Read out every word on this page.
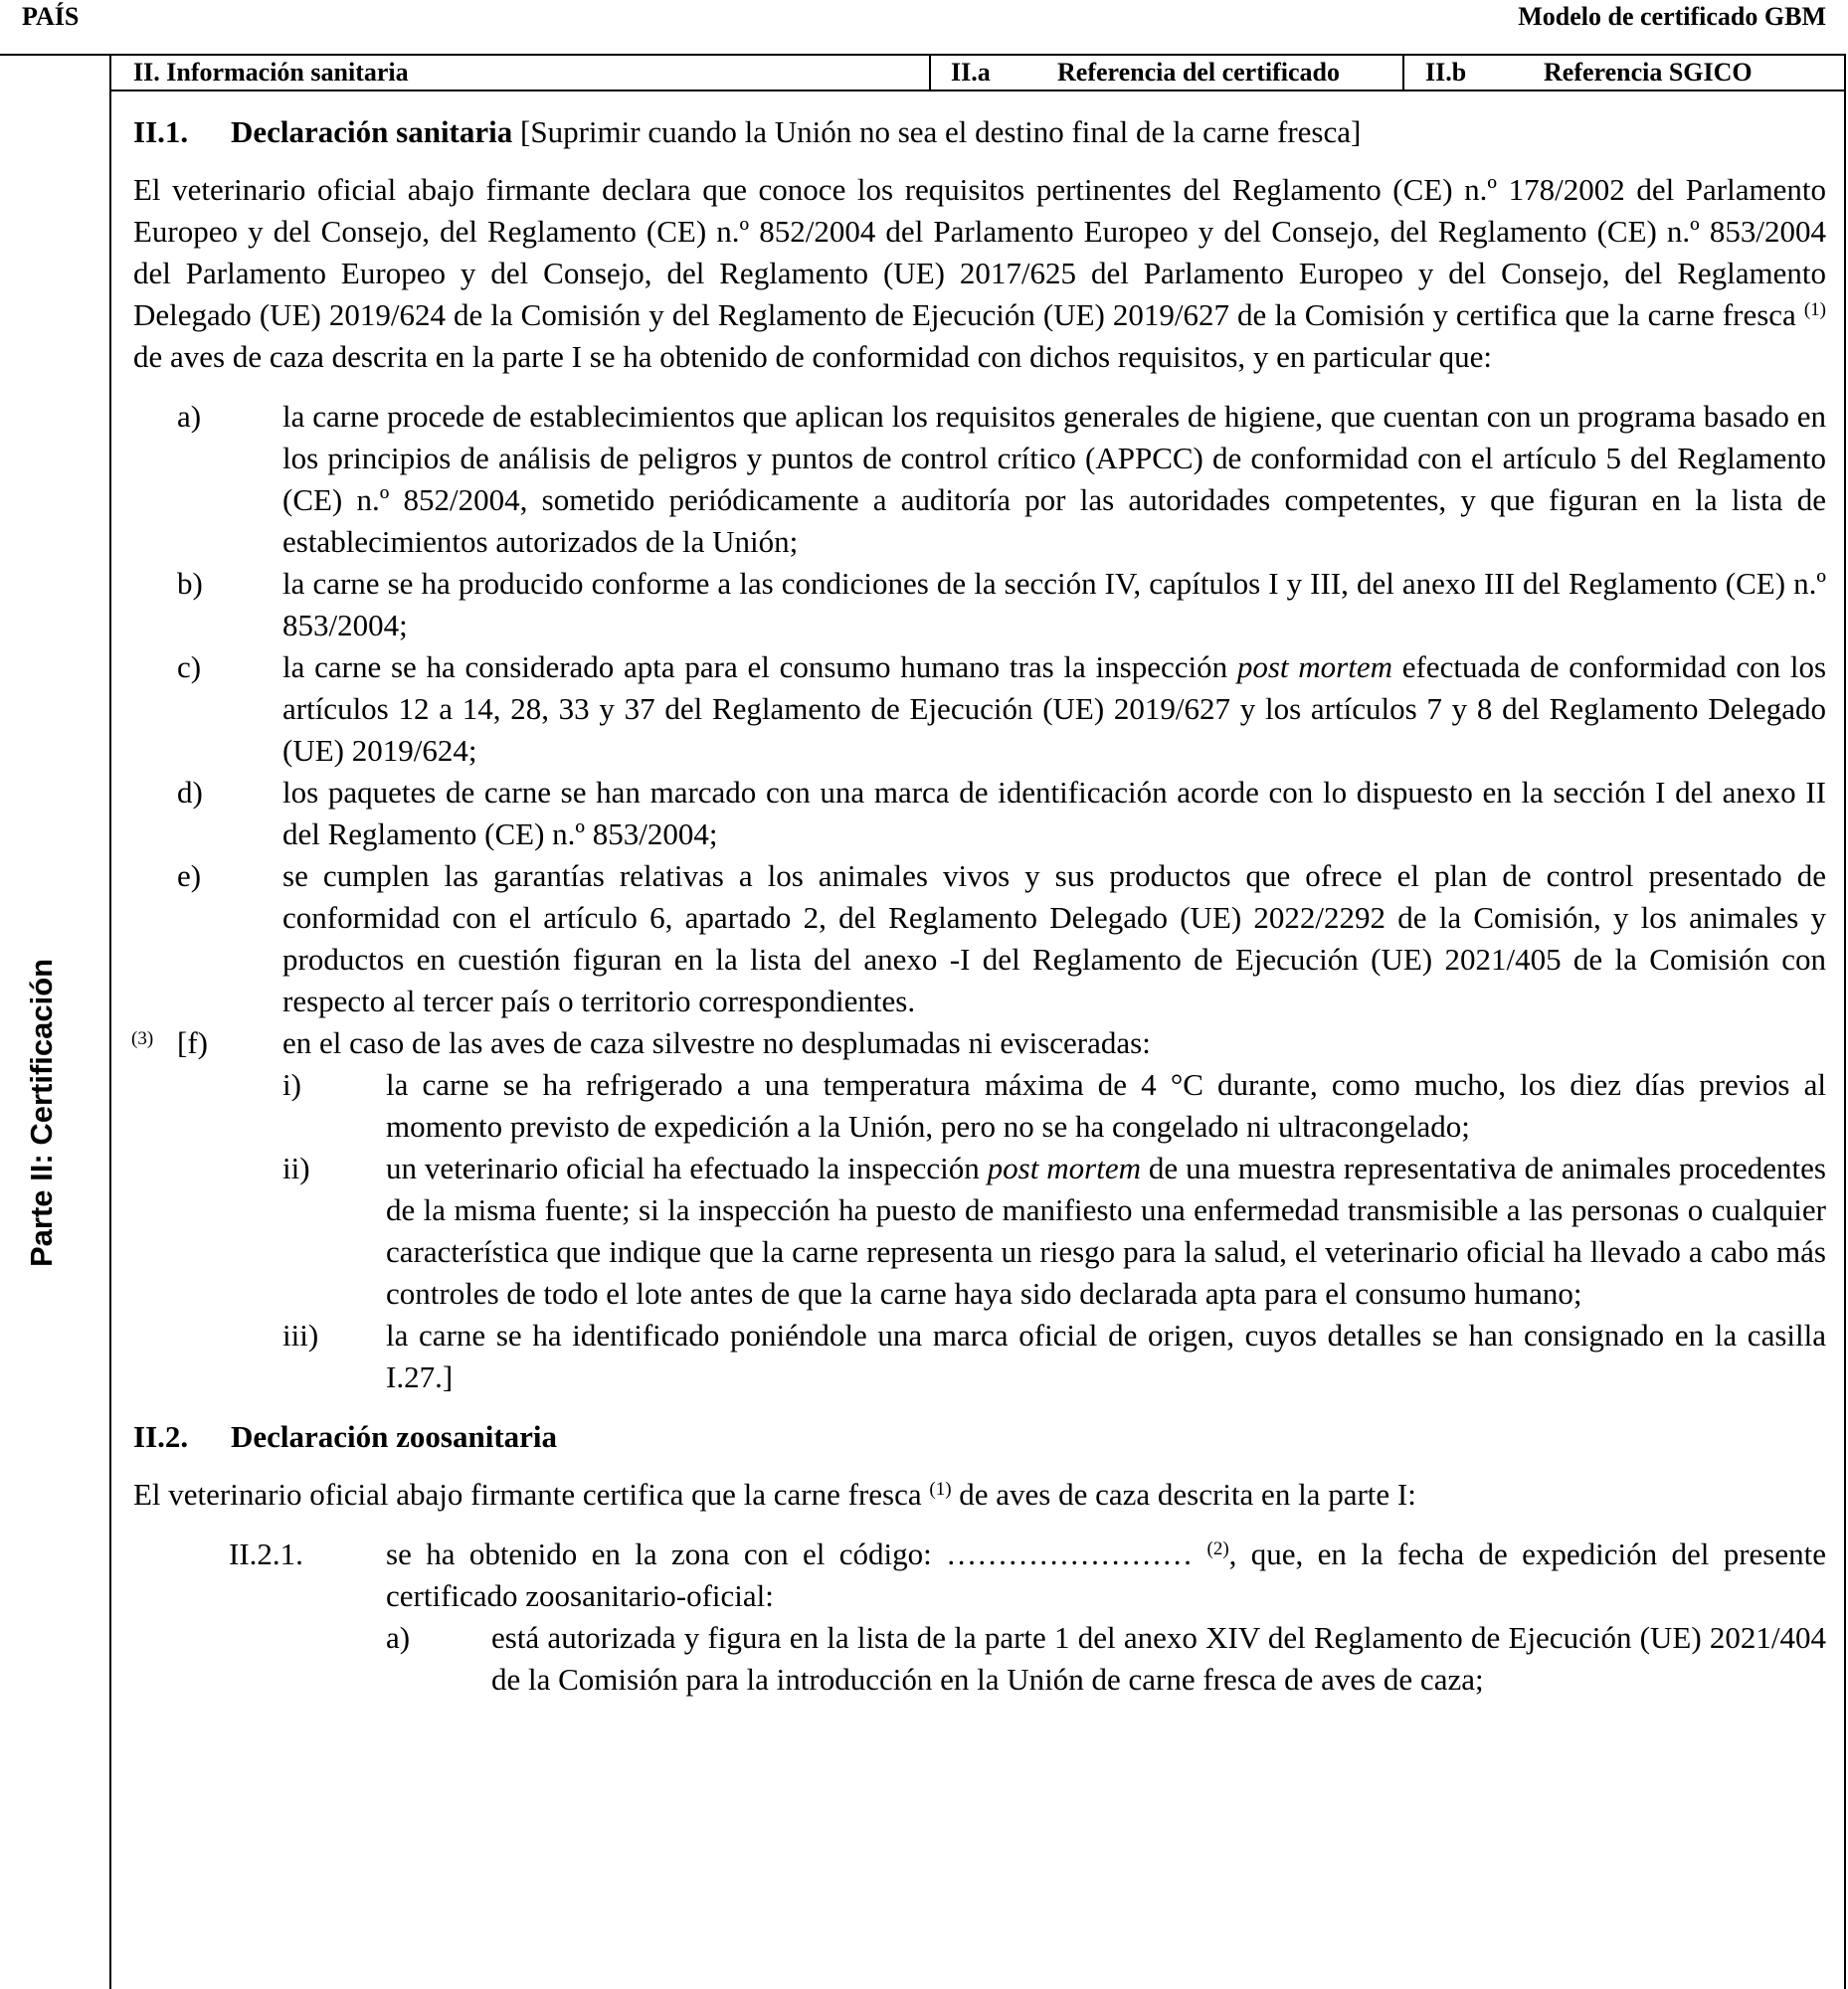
PAÍS	Modelo de certificado GBM
Parte II: Certificación
II. Información sanitaria	II.a	Referencia del certificado	II.b	Referencia SGICO

II.1. Declaración sanitaria [Suprimir cuando la Unión no sea el destino final de la carne fresca]

El veterinario oficial abajo firmante declara que conoce los requisitos pertinentes del Reglamento (CE) n.º 178/2002 del Parlamento Europeo y del Consejo, del Reglamento (CE) n.º 852/2004 del Parlamento Europeo y del Consejo, del Reglamento (CE) n.º 853/2004 del Parlamento Europeo y del Consejo, del Reglamento (UE) 2017/625 del Parlamento Europeo y del Consejo, del Reglamento Delegado (UE) 2019/624 de la Comisión y del Reglamento de Ejecución (UE) 2019/627 de la Comisión y certifica que la carne fresca $^{(1)}$ de aves de caza descrita en la parte I se ha obtenido de conformidad con dichos requisitos, y en particular que:

a)	la carne procede de establecimientos que aplican los requisitos generales de higiene, que cuentan con un programa basado en los principios de análisis de peligros y puntos de control crítico (APPCC) de conformidad con el artículo 5 del Reglamento (CE) n.º 852/2004, sometido periódicamente a auditoría por las autoridades competentes, y que figuran en la lista de establecimientos autorizados de la Unión;
b)	la carne se ha producido conforme a las condiciones de la sección IV, capítulos I y III, del anexo III del Reglamento (CE) n.º 853/2004;
c)	la carne se ha considerado apta para el consumo humano tras la inspección post mortem efectuada de conformidad con los artículos 12 a 14, 28, 33 y 37 del Reglamento de Ejecución (UE) 2019/627 y los artículos 7 y 8 del Reglamento Delegado (UE) 2019/624;
d)	los paquetes de carne se han marcado con una marca de identificación acorde con lo dispuesto en la sección I del anexo II del Reglamento (CE) n.º 853/2004;
e)	se cumplen las garantías relativas a los animales vivos y sus productos que ofrece el plan de control presentado de conformidad con el artículo 6, apartado 2, del Reglamento Delegado (UE) 2022/2292 de la Comisión, y los animales y productos en cuestión figuran en la lista del anexo -I del Reglamento de Ejecución (UE) 2021/405 de la Comisión con respecto al tercer país o territorio correspondientes.
(3) [f) en el caso de las aves de caza silvestre no desplumadas ni evisceradas:
i)	la carne se ha refrigerado a una temperatura máxima de 4 °C durante, como mucho, los diez días previos al momento previsto de expedición a la Unión, pero no se ha congelado ni ultracongelado;
ii) un veterinario oficial ha efectuado la inspección post mortem de una muestra representativa de animales procedentes de la misma fuente; si la inspección ha puesto de manifiesto una enfermedad transmisible a las personas o cualquier característica que indique que la carne representa un riesgo para la salud, el veterinario oficial ha llevado a cabo más controles de todo el lote antes de que la carne haya sido declarada apta para el consumo humano;
iii) la carne se ha identificado poniéndole una marca oficial de origen, cuyos detalles se han consignado en la casilla I.27.]

II.2. Declaración zoosanitaria

El veterinario oficial abajo firmante certifica que la carne fresca $^{(1)}$ de aves de caza descrita en la parte I:

II.2.1.	se ha obtenido en la zona con el código: …………………… $^{(2)}$, que, en la fecha de expedición del presente certificado zoosanitario-oficial:
a)	está autorizada y figura en la lista de la parte 1 del anexo XIV del Reglamento de Ejecución (UE) 2021/404 de la Comisión para la introducción en la Unión de carne fresca de aves de caza;
